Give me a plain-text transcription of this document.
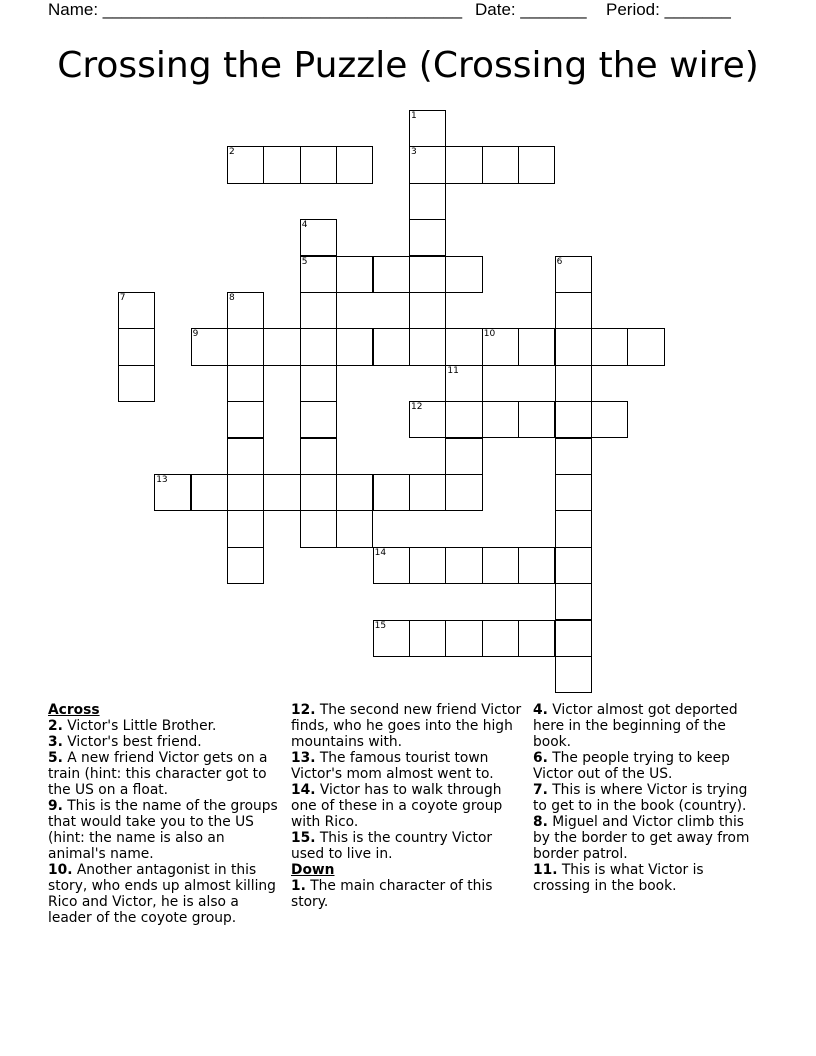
Name: ______________________________________

Date: _______

Period: _______

Crossing the Puzzle (Crossing the wire)
1
3
2
4
5	6
7	8
9	10
11
12
13
14
15
Across
2. Victor's Little Brother.
3. Victor's best friend.
5. A new friend Victor gets on a train (hint: this character got to the US on a float.
9. This is the name of the groups that would take you to the US (hint: the name is also an animal's name.
10. Another antagonist in this story, who ends up almost killing Rico and Victor, he is also a leader of the coyote group.
12. The second new friend Victor finds, who he goes into the high mountains with.
13. The famous tourist town Victor's mom almost went to.
14. Victor has to walk through one of these in a coyote group with Rico.
15. This is the country Victor used to live in.
Down
1. The main character of this story.
4. Victor almost got deported here in the beginning of the book.
6. The people trying to keep Victor out of the US.
7. This is where Victor is trying to get to in the book (country).
8. Miguel and Victor climb this by the border to get away from border patrol.
11. This is what Victor is crossing in the book.
